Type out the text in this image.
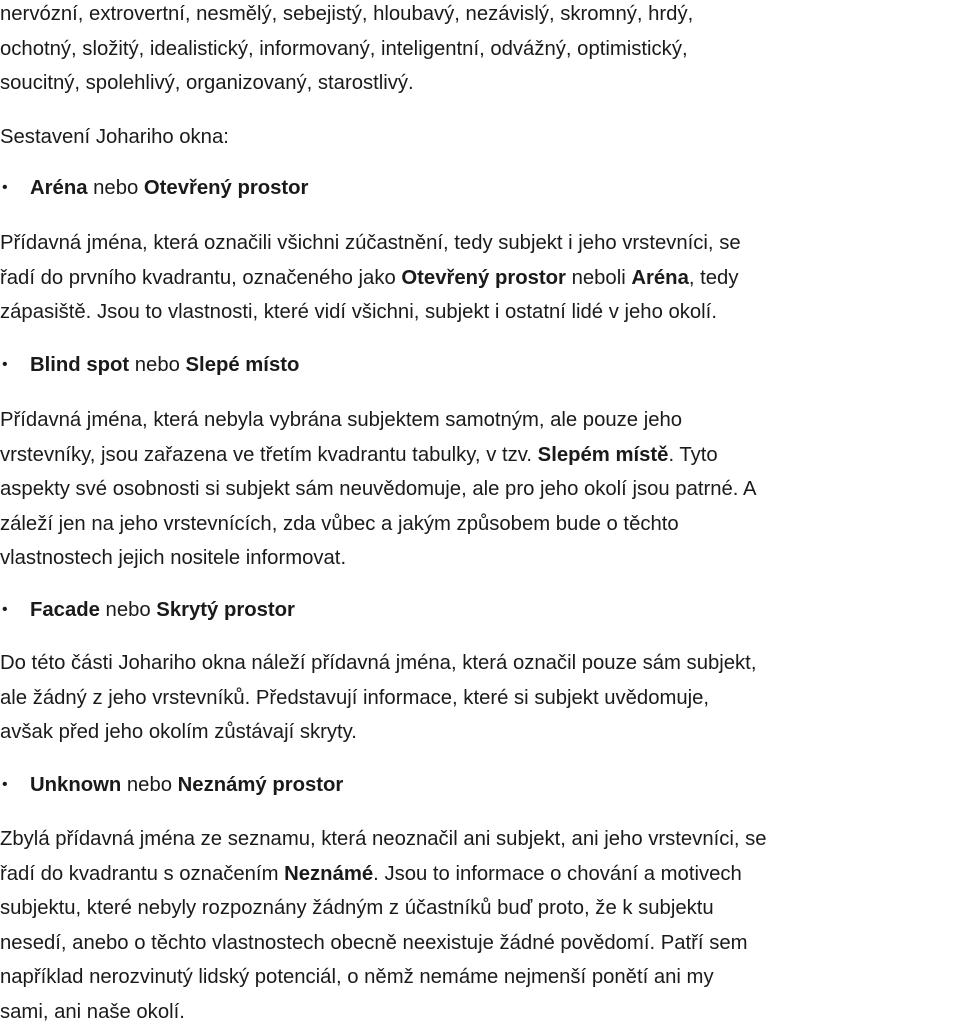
nervózní, extrovertní, nesmělý, sebejistý, hloubavý, nezávislý, skromný, hrdý,
ochotný, složitý, idealistický, informovaný, inteligentní, odvážný, optimistický,
soucitný, spolehlivý, organizovaný, starostlivý.
Sestavení Johariho okna:
• Aréna nebo Otevřený prostor
Přídavná jména, která označili všichni zúčastnění, tedy subjekt i jeho vrstevníci, se
řadí do prvního kvadrantu, označeného jako Otevřený prostor neboli Aréna, tedy
zápasiště. Jsou to vlastnosti, které vidí všichni, subjekt i ostatní lidé v jeho okolí.
• Blind spot nebo Slepé místo
Přídavná jména, která nebyla vybrána subjektem samotným, ale pouze jeho
vrstevníky, jsou zařazena ve třetím kvadrantu tabulky, v tzv. Slepém místě. Tyto
aspekty své osobnosti si subjekt sám neuvědomuje, ale pro jeho okolí jsou patrné. A
záleží jen na jeho vrstevnících, zda vůbec a jakým způsobem bude o těchto
vlastnostech jejich nositele informovat.
• Facade nebo Skrytý prostor
Do této části Johariho okna náleží přídavná jména, která označil pouze sám subjekt,
ale žádný z jeho vrstevníků. Představují informace, které si subjekt uvědomuje,
avšak před jeho okolím zůstávají skryty.
• Unknown nebo Neznámý prostor
Zbylá přídavná jména ze seznamu, která neoznačil ani subjekt, ani jeho vrstevníci, se
řadí do kvadrantu s označením Neznámé. Jsou to informace o chování a motivech
subjektu, které nebyly rozpoznány žádným z účastníků buď proto, že k subjektu
nesedí, anebo o těchto vlastnostech obecně neexistuje žádné povědomí. Patří sem
například nerozvinutý lidský potenciál, o němž nemáme nejmenší ponětí ani my
sami, ani naše okolí.
